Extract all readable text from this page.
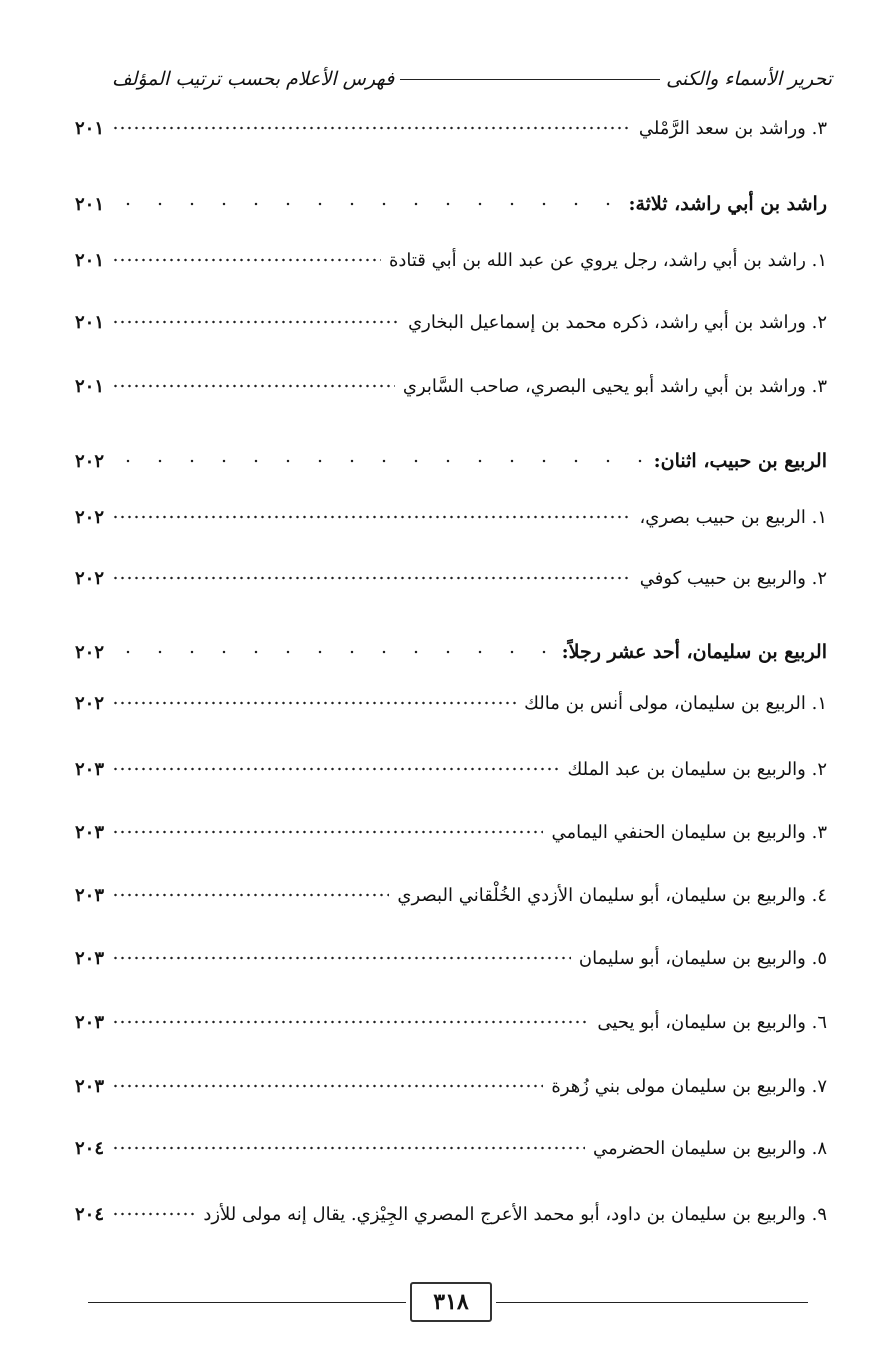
تحرير الأسماء والكنى
فهرس الأعلام بحسب ترتيب المؤلف
٣. وراشد بن سعد الرَّمْلي
٢٠١
راشد بن أبي راشد، ثلاثة:
٢٠١
١. راشد بن أبي راشد، رجل يروي عن عبد الله بن أبي قتادة
٢٠١
٢. وراشد بن أبي راشد، ذكره محمد بن إسماعيل البخاري
٢٠١
٣. وراشد بن أبي راشد أبو يحيى البصري، صاحب السَّابري
٢٠١
الربيع بن حبيب، اثنان:
٢٠٢
١. الربيع بن حبيب بصري،
٢٠٢
٢. والربيع بن حبيب كوفي
٢٠٢
الربيع بن سليمان، أحد عشر رجلاً:
٢٠٢
١. الربيع بن سليمان، مولى أنس بن مالك
٢٠٢
٢. والربيع بن سليمان بن عبد الملك
٢٠٣
٣. والربيع بن سليمان الحنفي اليمامي
٢٠٣
٤. والربيع بن سليمان، أبو سليمان الأزدي الخُلْقاني البصري
٢٠٣
٥. والربيع بن سليمان، أبو سليمان
٢٠٣
٦. والربيع بن سليمان، أبو يحيى
٢٠٣
٧. والربيع بن سليمان مولى بني زُهرة
٢٠٣
٨. والربيع بن سليمان الحضرمي
٢٠٤
٩. والربيع بن سليمان بن داود، أبو محمد الأعرج المصري الجِيْزي. يقال إنه مولى للأزد
٢٠٤
٣١٨
